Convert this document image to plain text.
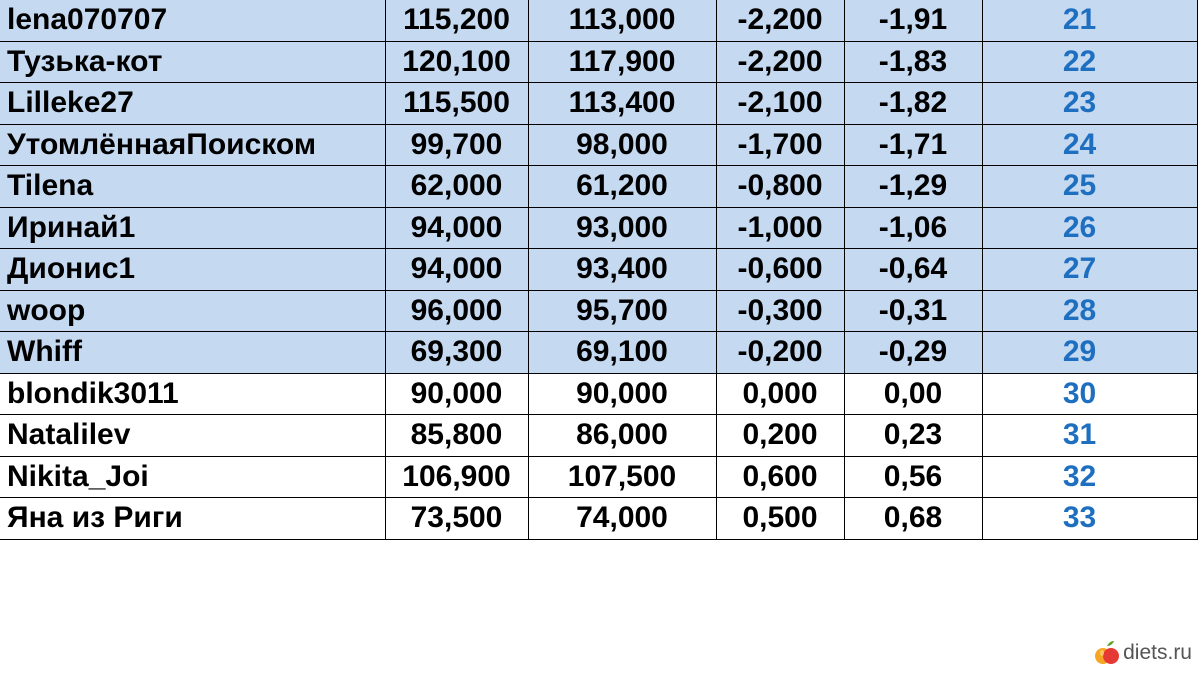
lena070707	115,200	113,000	-2,200	-1,91	21
Тузька-кот	120,100	117,900	-2,200	-1,83	22
Lilleke27	115,500	113,400	-2,100	-1,82	23
УтомлённаяПоиском	99,700	98,000	-1,700	-1,71	24
Tilena	62,000	61,200	-0,800	-1,29	25
Иринай1	94,000	93,000	-1,000	-1,06	26
Дионис1	94,000	93,400	-0,600	-0,64	27
woop	96,000	95,700	-0,300	-0,31	28
Whiff	69,300	69,100	-0,200	-0,29	29
blondik3011	90,000	90,000	0,000	0,00	30
Natalilev	85,800	86,000	0,200	0,23	31
Nikita_Joi	106,900	107,500	0,600	0,56	32
Яна из Риги	73,500	74,000	0,500	0,68	33
diets.ru
